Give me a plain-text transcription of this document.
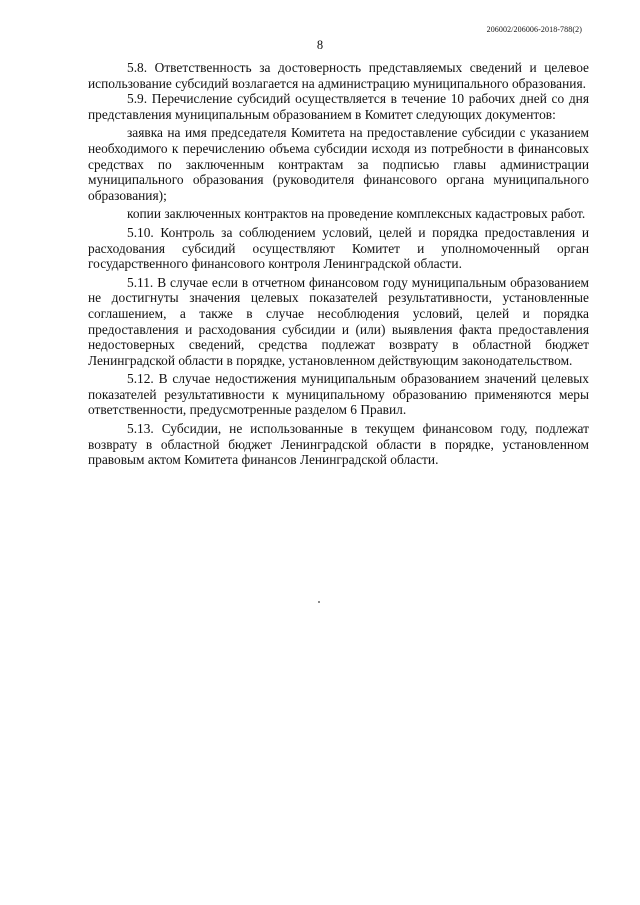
206002/206006-2018-788(2)
8

5.8. Ответственность за достоверность представляемых сведений и целевое использование субсидий возлагается на администрацию муниципального образования.

5.9. Перечисление субсидий осуществляется в течение 10 рабочих дней со дня представления муниципальным образованием в Комитет следующих документов:

заявка на имя председателя Комитета на предоставление субсидии с указанием необходимого к перечислению объема субсидии исходя из потребности в финансовых средствах по заключенным контрактам за подписью главы администрации муниципального образования (руководителя финансового органа муниципального образования);

копии заключенных контрактов на проведение комплексных кадастровых работ.

5.10. Контроль за соблюдением условий, целей и порядка предоставления и расходования субсидий осуществляют Комитет и уполномоченный орган государственного финансового контроля Ленинградской области.

5.11. В случае если в отчетном финансовом году муниципальным образованием не достигнуты значения целевых показателей результативности, установленные соглашением, а также в случае несоблюдения условий, целей и порядка предоставления и расходования субсидии и (или) выявления факта предоставления недостоверных сведений, средства подлежат возврату в областной бюджет Ленинградской области в порядке, установленном действующим законодательством.

5.12. В случае недостижения муниципальным образованием значений целевых показателей результативности к муниципальному образованию применяются меры ответственности, предусмотренные разделом 6 Правил.

5.13. Субсидии, не использованные в текущем финансовом году, подлежат возврату в областной бюджет Ленинградской области в порядке, установленном правовым актом Комитета финансов Ленинградской области.
